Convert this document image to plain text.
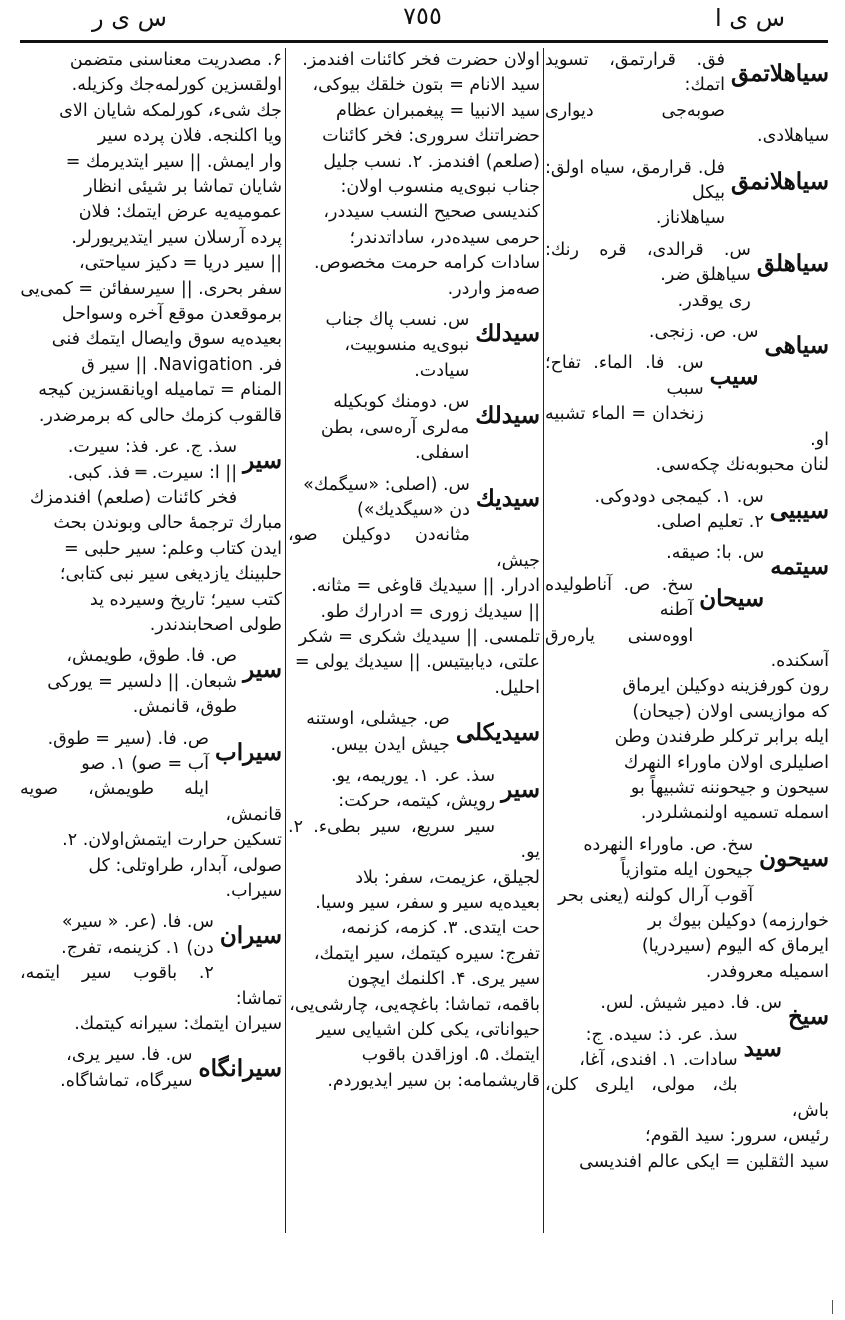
س ى ا
٧٥٥
س ى ر
سیاهلاتمق
فق. قرارتمق، تسوید اتمك:
صوبه‌جی دیواری سیاهلادی.
سیاهلانمق
فل. قرارمق، سیاه اولق: بیکل
سیاهلاناز.
سیاهلق
س. قرالدی، قره رنك: سیاهلق ضر.
ری یوقدر.
سیاهی
س. ص. زنجی.
سیب
س. فا. الماء. تفاح؛ سبب
زنخدان = الماء تشبیه او.
لنان محبوبه‌نك چکه‌سی.
سیبیی
س. ۱. کیمجی دودوکی.
۲. تعلیم اصلی.
سیتمه
س. با: صیقه.
سیحان
سخ. ص. آناطولیده آطنه
اووه‌سنی یاره‌رق آسکنده.
رون کورفزینه دوکیلن ایرماق
که موازیسی اولان (جیحان)
ایله برابر ترکلر طرفندن وطن
اصلیلری اولان ماوراء النهرك
سیحون و جیحوننه تشبیهاً بو
اسمله تسمیه اولنمشلردر.
سیحون
سخ. ص. ماوراء النهرده
جیحون ایله متوازیاً
آقوب آرال کولنه (یعنی بحر
خوارزمه) دوکیلن بیوك بر
ایرماق که الیوم (سیردریا)
اسمیله معروفدر.
سیخ
س. فا. دمیر شیش. لس.
سید
سذ. عر. ذ: سیده. ج:
سادات. ۱. افندی، آغا،
بك، مولی، ایلری کلن، باش،
رئیس، سرور: سید القوم؛
سید الثقلین = ایکی عالم افندیسی
اولان حضرت فخر کائنات افندمز.
سید الانام = بتون خلقك بیوکی،
سید الانبیا = پیغمبران عظام
حضراتنك سروری: فخر کائنات
(صلعم) افندمز. ۲. نسب جلیل
جناب نبوی‌یه منسوب اولان:
کندیسی صحیح النسب سیددر،
حرمی سیده‌در، ساداتدندر؛
سادات کرامه حرمت مخصوص.
صه‌مز واردر.
سیدلك
س. نسب پاك جناب
نبوی‌یه منسوبیت،
سیادت.
سیدلك
س. دومنك کوبکیله
مه‌لری آره‌سی، بطن
اسفلی.
سیدیك
س. (اصلی: «سیگمك»
دن «سیگدیك»)
مثانه‌دن دوکیلن صو، جیش،
ادرار. || سیدیك قاوغی = مثانه.
|| سیدیك زوری = ادرارك طو.
تلمسی. || سیدیك شکری = شکر
علتی، دیابیتیس. || سیدیك یولی =
احلیل.
سیدیکلی
ص. جیشلی، اوستنه
جیش ایدن بیس.
سیر
سذ. عر. ۱. یوریمه، یو.
رویش، کیتمه، حرکت:
سیر سریع، سیر بطیء. ۲. یو.
لجیلق، عزیمت، سفر: بلاد
بعیده‌یه سیر و سفر، سیر وسیا.
حت ایتدی. ۳. کزمه، کزنمه،
تفرج: سیره کیتمك، سیر ایتمك،
سیر یری. ۴. اکلنمك ایچون
باقمه، تماشا: باغچه‌یی، چارشی‌یی،
حیواناتی، یکی کلن اشیایی سیر
ایتمك. ۵. اوزاقدن باقوب
قاریشمامه: بن سیر ایدیوردم.
۶. مصدریت معناسنی متضمن
اولقسزین کورلمه‌جك وکزیله.
جك شیء، کورلمکه شایان الای
ویا اکلنجه. فلان پرده سیر
وار ایمش. || سیر ایتدیرمك =
شایان تماشا بر شیئی انظار
عمومیه‌یه عرض ایتمك: فلان
پرده آرسلان سیر ایتدیریورلر.
|| سیر دریا = دکیز سیاحتی،
سفر بحری. || سیرسفائن = کمی‌یی
برموقعدن موقع آخره وسواحل
بعیده‌یه سوق وایصال ایتمك فنی
فر. Navigation. || سیر ق
المنام = تمامیله اویانقسزین کیجه
قالقوب کزمك حالی که برمرضدر.
سیر
سذ. ج. عر. فذ: سیرت.
|| ا: سیرت. ═ فذ. کبی.
فخر کائنات (صلعم) افندمزك
مبارك ترجمهٔ حالی وبوندن بحث
ایدن کتاب وعلم: سیر حلبی =
حلبینك یازدیغی سیر نبی کتابی؛
کتب سیر؛ تاریخ وسیرده ید
طولی اصحابندندر.
سیر
ص. فا. طوق، طویمش،
شبعان. || دلسیر = یورکی
طوق، قانمش.
سیراب
ص. فا. (سیر = طوق.
آب = صو) ۱. صو
ایله طویمش، صویه قانمش،
تسکین حرارت ایتمش‌اولان. ۲.
صولی، آبدار، طراوتلی: کل
سیراب.
سیران
س. فا. (عر. « سیر»
دن) ۱. کزینمه، تفرج.
۲. باقوب سیر ایتمه، تماشا:
سیران ایتمك: سیرانه کیتمك.
سیرانگاه
س. فا. سیر یری،
سیرگاه، تماشاگاه.
